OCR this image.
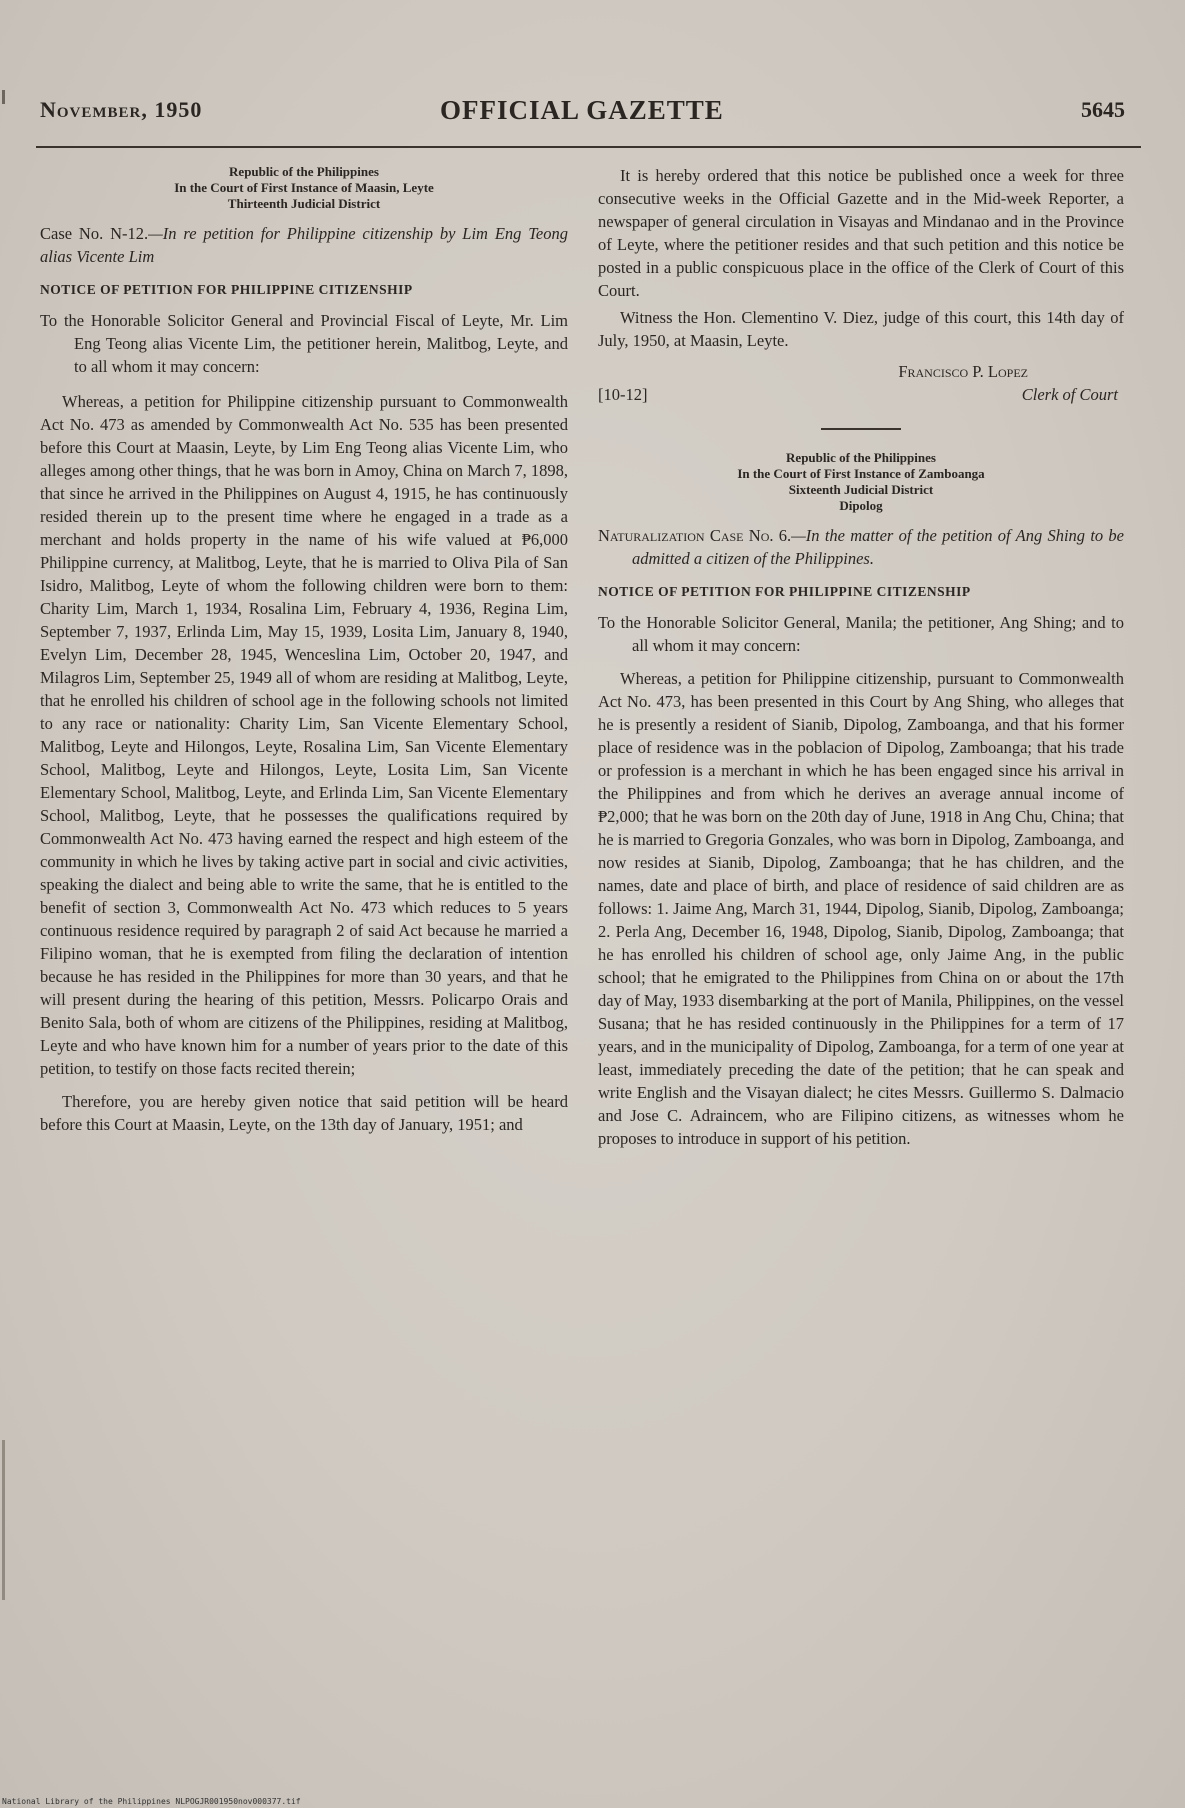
November, 1950	OFFICIAL GAZETTE	5645
Republic of the Philippines
In the Court of First Instance of Maasin, Leyte
Thirteenth Judicial District

Case No. N-12.—In re petition for Philippine citizenship by Lim Eng Teong alias Vicente Lim

NOTICE OF PETITION FOR PHILIPPINE CITIZENSHIP

To the Honorable Solicitor General and Provincial Fiscal of Leyte, Mr. Lim Eng Teong alias Vicente Lim, the petitioner herein, Malitbog, Leyte, and to all whom it may concern:

Whereas, a petition for Philippine citizenship pursuant to Commonwealth Act No. 473 as amended by Commonwealth Act No. 535 has been presented before this Court at Maasin, Leyte, by Lim Eng Teong alias Vicente Lim, who alleges among other things, that he was born in Amoy, China on March 7, 1898, that since he arrived in the Philippines on August 4, 1915, he has continuously resided therein up to the present time where he engaged in a trade as a merchant and holds property in the name of his wife valued at ₱6,000 Philippine currency, at Malitbog, Leyte, that he is married to Oliva Pila of San Isidro, Malitbog, Leyte of whom the following children were born to them: Charity Lim, March 1, 1934, Rosalina Lim, February 4, 1936, Regina Lim, September 7, 1937, Erlinda Lim, May 15, 1939, Losita Lim, January 8, 1940, Evelyn Lim, December 28, 1945, Wenceslina Lim, October 20, 1947, and Milagros Lim, September 25, 1949 all of whom are residing at Malitbog, Leyte, that he enrolled his children of school age in the following schools not limited to any race or nationality: Charity Lim, San Vicente Elementary School, Malitbog, Leyte and Hilongos, Leyte, Rosalina Lim, San Vicente Elementary School, Malitbog, Leyte and Hilongos, Leyte, Losita Lim, San Vicente Elementary School, Malitbog, Leyte, and Erlinda Lim, San Vicente Elementary School, Malitbog, Leyte, that he possesses the qualifications required by Commonwealth Act No. 473 having earned the respect and high esteem of the community in which he lives by taking active part in social and civic activities, speaking the dialect and being able to write the same, that he is entitled to the benefit of section 3, Commonwealth Act No. 473 which reduces to 5 years continuous residence required by paragraph 2 of said Act because he married a Filipino woman, that he is exempted from filing the declaration of intention because he has resided in the Philippines for more than 30 years, and that he will present during the hearing of this petition, Messrs. Policarpo Orais and Benito Sala, both of whom are citizens of the Philippines, residing at Malitbog, Leyte and who have known him for a number of years prior to the date of this petition, to testify on those facts recited therein;

Therefore, you are hereby given notice that said petition will be heard before this Court at Maasin, Leyte, on the 13th day of January, 1951; and

It is hereby ordered that this notice be published once a week for three consecutive weeks in the Official Gazette and in the Mid-week Reporter, a newspaper of general circulation in Visayas and Mindanao and in the Province of Leyte, where the petitioner resides and that such petition and this notice be posted in a public conspicuous place in the office of the Clerk of Court of this Court.

Witness the Hon. Clementino V. Diez, judge of this court, this 14th day of July, 1950, at Maasin, Leyte.

Francisco P. Lopez
[10-12]	Clerk of Court
Republic of the Philippines
In the Court of First Instance of Zamboanga
Sixteenth Judicial District
Dipolog

Naturalization Case No. 6.—In the matter of the petition of Ang Shing to be admitted a citizen of the Philippines.

NOTICE OF PETITION FOR PHILIPPINE CITIZENSHIP

To the Honorable Solicitor General, Manila; the petitioner, Ang Shing; and to all whom it may concern:

Whereas, a petition for Philippine citizenship, pursuant to Commonwealth Act No. 473, has been presented in this Court by Ang Shing, who alleges that he is presently a resident of Sianib, Dipolog, Zamboanga, and that his former place of residence was in the poblacion of Dipolog, Zamboanga; that his trade or profession is a merchant in which he has been engaged since his arrival in the Philippines and from which he derives an average annual income of ₱2,000; that he was born on the 20th day of June, 1918 in Ang Chu, China; that he is married to Gregoria Gonzales, who was born in Dipolog, Zamboanga, and now resides at Sianib, Dipolog, Zamboanga; that he has children, and the names, date and place of birth, and place of residence of said children are as follows: 1. Jaime Ang, March 31, 1944, Dipolog, Sianib, Dipolog, Zamboanga; 2. Perla Ang, December 16, 1948, Dipolog, Sianib, Dipolog, Zamboanga; that he has enrolled his children of school age, only Jaime Ang, in the public school; that he emigrated to the Philippines from China on or about the 17th day of May, 1933 disembarking at the port of Manila, Philippines, on the vessel Susana; that he has resided continuously in the Philippines for a term of 17 years, and in the municipality of Dipolog, Zamboanga, for a term of one year at least, immediately preceding the date of the petition; that he can speak and write English and the Visayan dialect; he cites Messrs. Guillermo S. Dalmacio and Jose C. Adraincem, who are Filipino citizens, as witnesses whom he proposes to introduce in support of his petition.

National Library of the Philippines NLPOGJR001950nov000377.tif
